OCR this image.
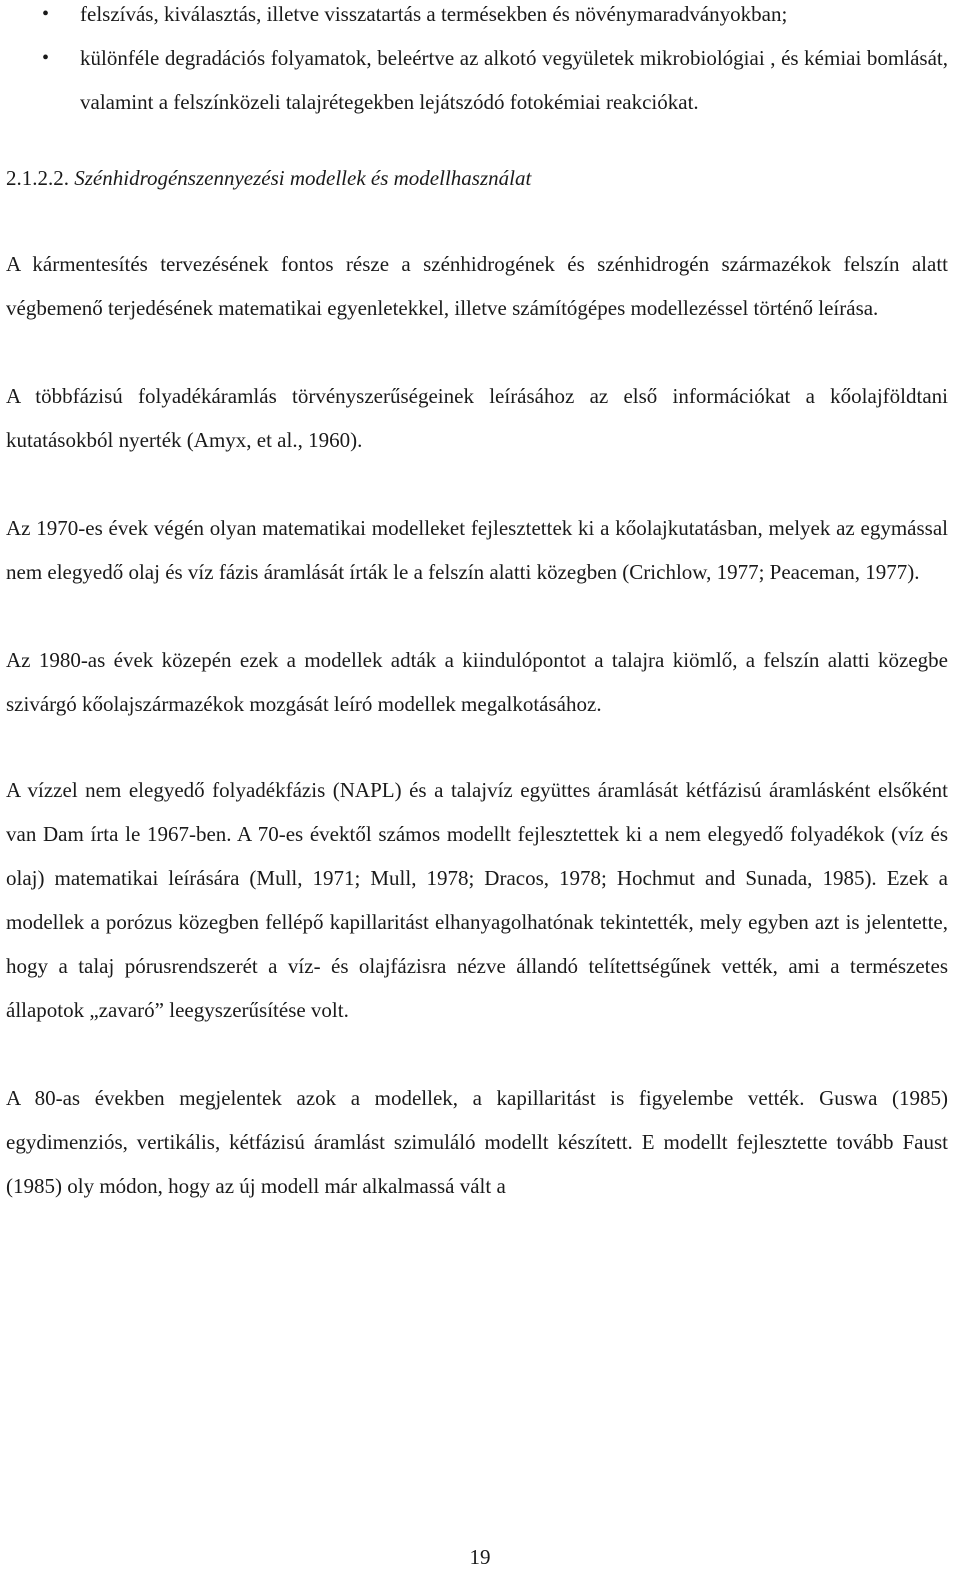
• felszívás, kiválasztás, illetve visszatartás a termésekben és növénymaradványokban;
• különféle degradációs folyamatok, beleértve az alkotó vegyületek mikrobiológiai , és kémiai bomlását, valamint a felszínközeli talajrétegekben lejátszódó fotokémiai reakciókat.
2.1.2.2. Szénhidrogénszennyezési modellek és modellhasználat

A kármentesítés tervezésének fontos része a szénhidrogének és szénhidrogén származékok felszín alatt végbemenő terjedésének matematikai egyenletekkel, illetve számítógépes modellezéssel történő leírása.

A többfázisú folyadékáramlás törvényszerűségeinek leírásához az első információkat a kőolajföldtani kutatásokból nyerték (Amyx, et al., 1960).

Az 1970-es évek végén olyan matematikai modelleket fejlesztettek ki a kőolajkutatásban, melyek az egymással nem elegyedő olaj és víz fázis áramlását írták le a felszín alatti közegben (Crichlow, 1977; Peaceman, 1977).

Az 1980-as évek közepén ezek a modellek adták a kiindulópontot a talajra kiömlő, a felszín alatti közegbe szivárgó kőolajszármazékok mozgását leíró modellek megalkotásához.

A vízzel nem elegyedő folyadékfázis (NAPL) és a talajvíz együttes áramlását kétfázisú áramlásként elsőként van Dam írta le 1967-ben. A 70-es évektől számos modellt fejlesztettek ki a nem elegyedő folyadékok (víz és olaj) matematikai leírására (Mull, 1971; Mull, 1978; Dracos, 1978; Hochmut and Sunada, 1985). Ezek a modellek a porózus közegben fellépő kapillaritást elhanyagolhatónak tekintették, mely egyben azt is jelentette, hogy a talaj pórusrendszerét a víz- és olajfázisra nézve állandó telítettségűnek vették, ami a természetes állapotok „zavaró” leegyszerűsítése volt.

A 80-as években megjelentek azok a modellek, a kapillaritást is figyelembe vették. Guswa (1985) egydimenziós, vertikális, kétfázisú áramlást szimuláló modellt készített. E modellt fejlesztette tovább Faust (1985) oly módon, hogy az új modell már alkalmassá vált a

19
